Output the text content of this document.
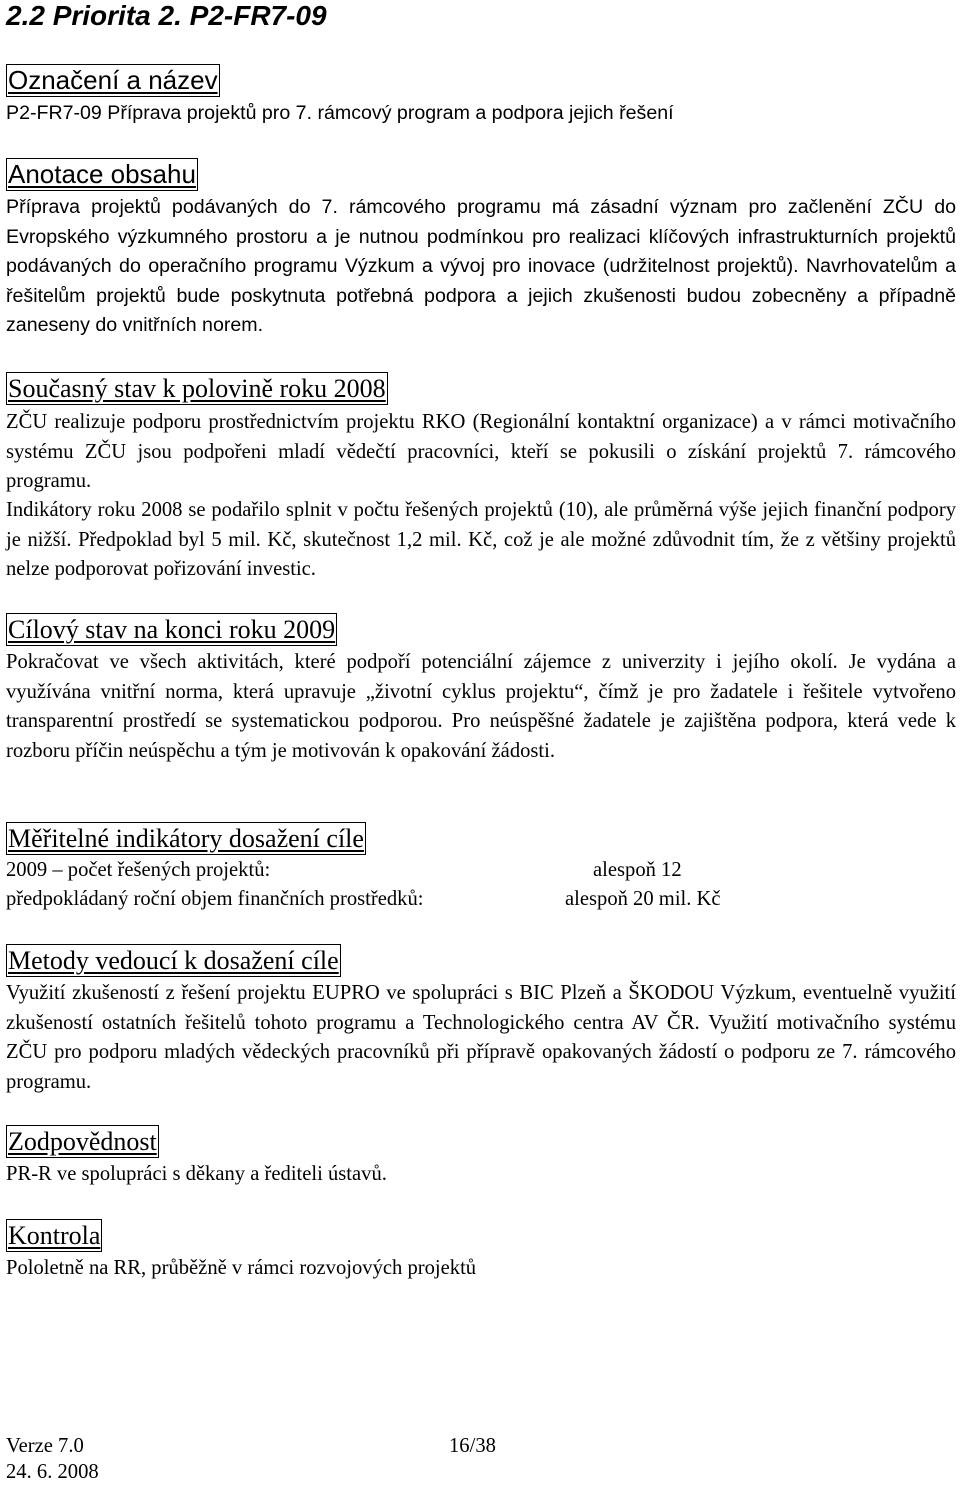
2.2 Priorita 2. P2-FR7-09
Označení a název
P2-FR7-09 Příprava projektů pro 7. rámcový program a podpora jejich řešení
Anotace obsahu
Příprava projektů podávaných do 7. rámcového programu má zásadní význam pro začlenění ZČU do Evropského výzkumného prostoru a je nutnou podmínkou pro realizaci klíčových infrastrukturních projektů podávaných do operačního programu Výzkum a vývoj pro inovace (udržitelnost projektů). Navrhovatelům a řešitelům projektů bude poskytnuta potřebná podpora a jejich zkušenosti budou zobecněny a případně zaneseny do vnitřních norem.
Současný stav k polovině roku 2008
ZČU realizuje podporu prostřednictvím projektu RKO (Regionální kontaktní organizace) a v rámci motivačního systému ZČU jsou podpořeni mladí vědečtí pracovníci, kteří se pokusili o získání projektů 7. rámcového programu.
Indikátory roku 2008 se podařilo splnit v počtu řešených projektů (10), ale průměrná výše jejich finanční podpory je nižší. Předpoklad byl 5 mil. Kč, skutečnost 1,2 mil. Kč, což je ale možné zdůvodnit tím, že z většiny projektů nelze podporovat pořizování investic.
Cílový stav na konci roku 2009
Pokračovat ve všech aktivitách, které podpoří potenciální zájemce z univerzity i jejího okolí. Je vydána a využívána vnitřní norma, která upravuje „životní cyklus projektu“, čímž je pro žadatele i řešitele vytvořeno transparentní prostředí se systematickou podporou. Pro neúspěšné žadatele je zajištěna podpora, která vede k rozboru příčin neúspěchu a tým je motivován k opakování žádosti.
Měřitelné indikátory dosažení cíle
2009 – počet řešených projektů:	alespoň 12
předpokládaný roční objem finančních prostředků:	alespoň 20 mil. Kč
Metody vedoucí k dosažení cíle
Využití zkušeností z řešení projektu EUPRO ve spolupráci s BIC Plzeň a ŠKODOU Výzkum, eventuelně využití zkušeností ostatních řešitelů tohoto programu a Technologického centra AV ČR. Využití motivačního systému ZČU pro podporu mladých vědeckých pracovníků při přípravě opakovaných žádostí o podporu ze 7. rámcového programu.
Zodpovědnost
PR-R ve spolupráci s děkany a řediteli ústavů.
Kontrola
Pololetně na RR, průběžně v rámci rozvojových projektů
Verze 7.0
24. 6. 2008
16/38
